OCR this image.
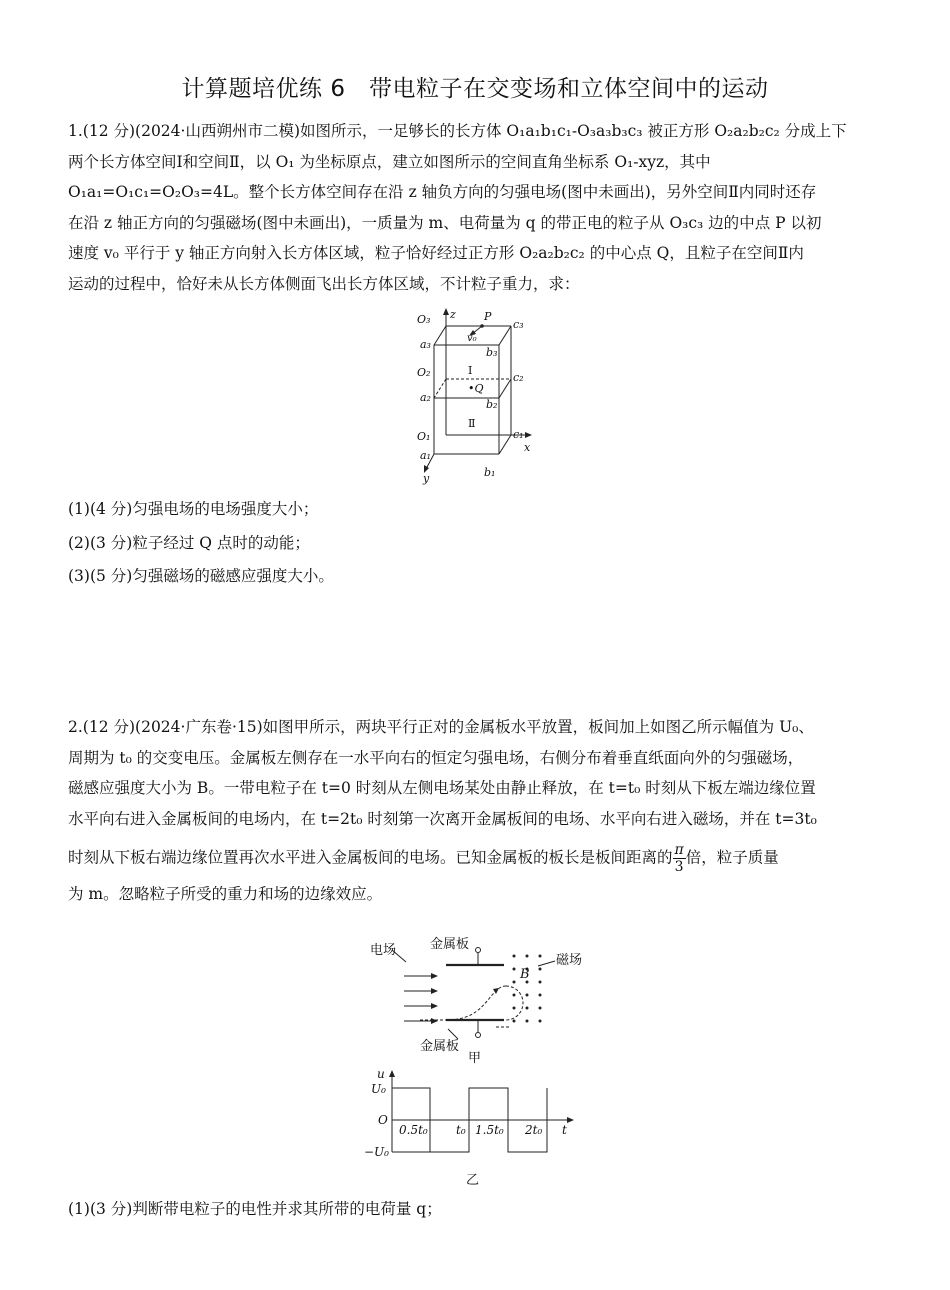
计算题培优练 6　带电粒子在交变场和立体空间中的运动
1.(12 分)(2024·山西朔州市二模)如图所示，一足够长的长方体 O₁a₁b₁c₁-O₃a₃b₃c₃ 被正方形 O₂a₂b₂c₂ 分成上下
两个长方体空间Ⅰ和空间Ⅱ，以 O₁ 为坐标原点，建立如图所示的空间直角坐标系 O₁-xyz，其中
O₁a₁=O₁c₁=O₂O₃=4L。整个长方体空间存在沿 z 轴负方向的匀强电场(图中未画出)，另外空间Ⅱ内同时还存
在沿 z 轴正方向的匀强磁场(图中未画出)，一质量为 m、电荷量为 q 的带正电的粒子从 O₃c₃ 边的中点 P 以初
速度 v₀ 平行于 y 轴正方向射入长方体区域，粒子恰好经过正方形 O₂a₂b₂c₂ 的中心点 Q，且粒子在空间Ⅱ内
运动的过程中，恰好未从长方体侧面飞出长方体区域，不计粒子重力，求：
O₃ z	P
c₃
a₃	v₀
b₃
O₂	Ⅰ
c₂
•Q
a₂
b₂
Ⅱ
O₁	c₁
x
a₁
y	b₁
(1)(4 分)匀强电场的电场强度大小；
(2)(3 分)粒子经过 Q 点时的动能；
(3)(5 分)匀强磁场的磁感应强度大小。
2.(12 分)(2024·广东卷·15)如图甲所示，两块平行正对的金属板水平放置，板间加上如图乙所示幅值为 U₀、
周期为 t₀ 的交变电压。金属板左侧存在一水平向右的恒定匀强电场，右侧分布着垂直纸面向外的匀强磁场，
磁感应强度大小为 B。一带电粒子在 t=0 时刻从左侧电场某处由静止释放，在 t=t₀ 时刻从下板左端边缘位置
水平向右进入金属板间的电场内，在 t=2t₀ 时刻第一次离开金属板间的电场、水平向右进入磁场，并在 t=3t₀
时刻从下板右端边缘位置再次水平进入金属板间的电场。已知金属板的板长是板间距离的 $\frac{\pi}{3}$ 倍，粒子质量
为 m。忽略粒子所受的重力和场的边缘效应。
电场	金属板
磁场
B
金属板
甲
u
U₀
O
−U₀
t
0.5t₀ t₀ 1.5t₀ 2t₀
乙
(1)(3 分)判断带电粒子的电性并求其所带的电荷量 q；
